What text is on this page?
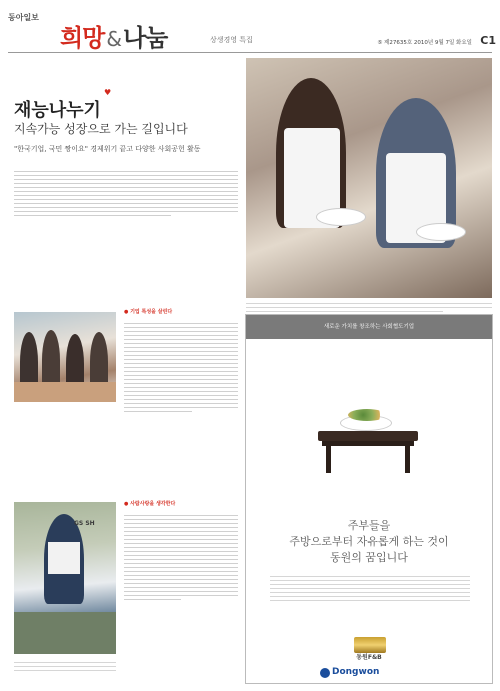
동아일보
희망 &나눔	상생경영 특집	⑤ 제27635호 2010년 9월 7일 화요일 C1
재능나누기
♥
지속가능 성장으로 가는 길입니다
"한국기업, 국민 짱이요" 경제위기 끝고 다양한 사회공헌 활동
GS SH
● 기업 특성을 살린다
● 사람사랑을 생각한다
새로운 가치를 창조하는 사회협도기업
주부들을
주방으로부터 자유롭게 하는 것이
동원의 꿈입니다
동원F&B
Dongwon
